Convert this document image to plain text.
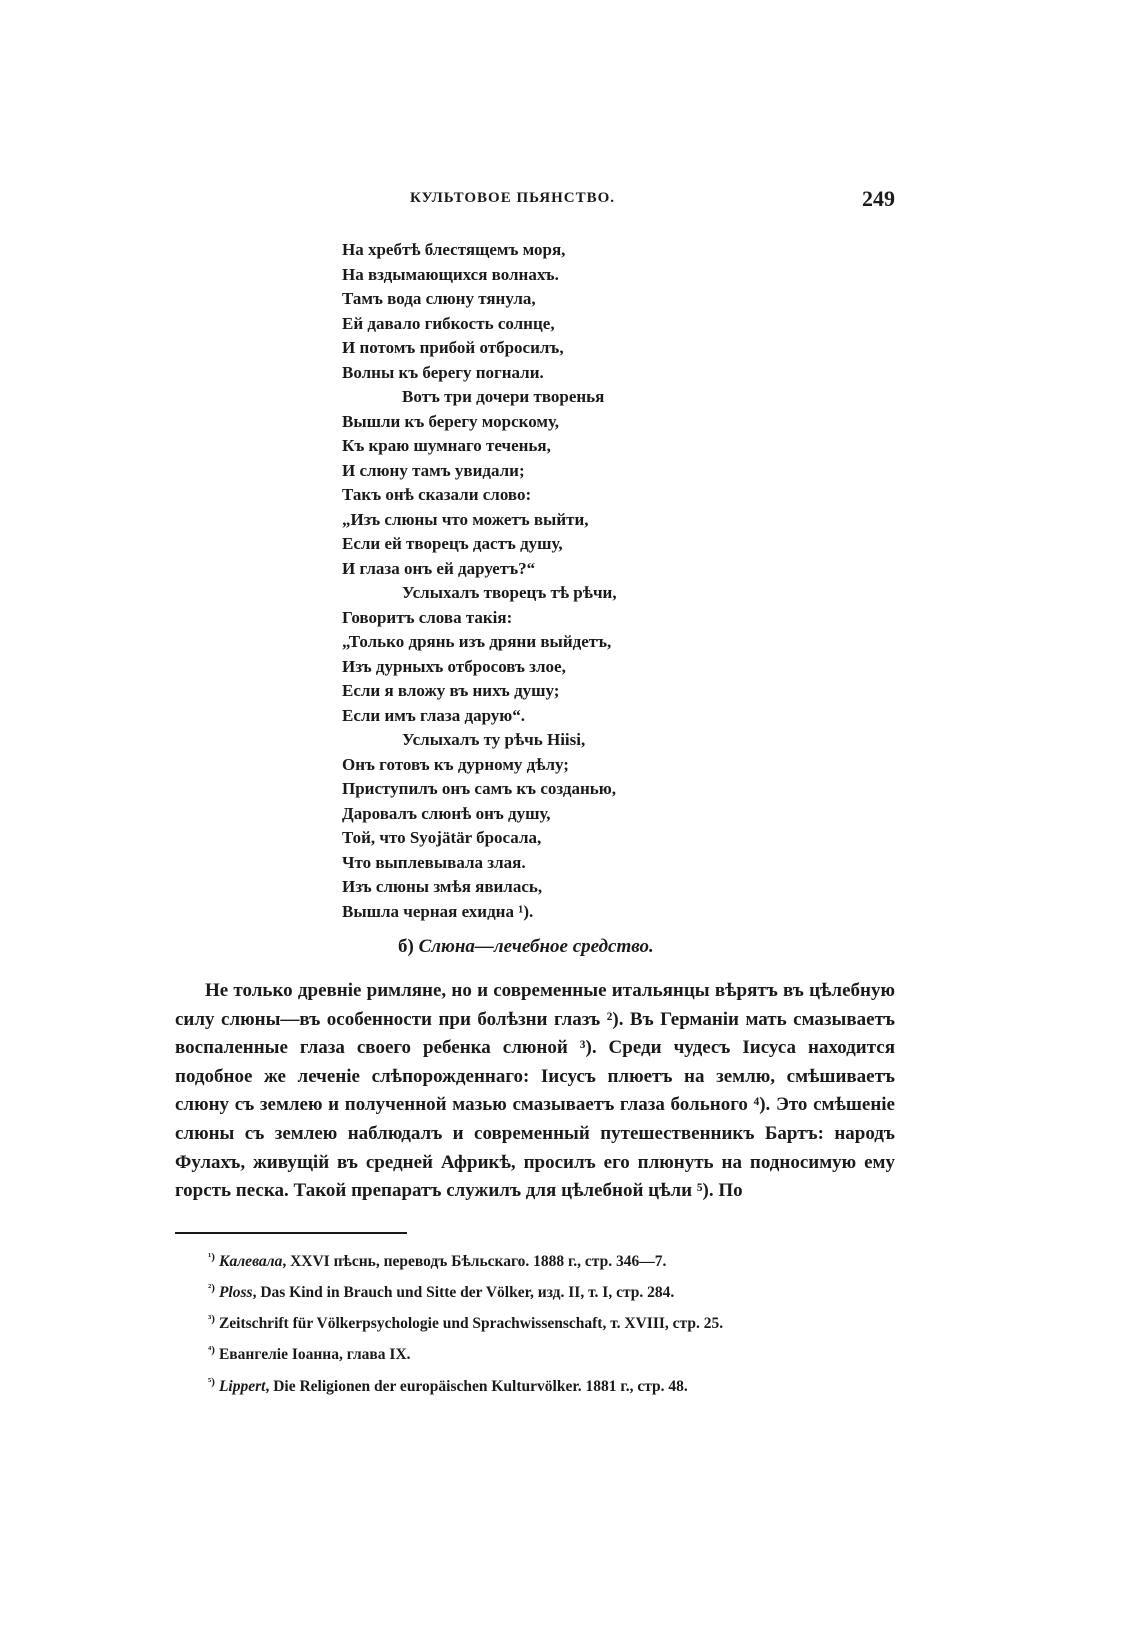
КУЛЬТОВОЕ ПЬЯНСТВО.	249
На хребтѣ блестящемъ моря,
На вздымающихся волнахъ.
Тамъ вода слюну тянула,
Ей давало гибкость солнце,
И потомъ прибой отбросилъ,
Волны къ берегу погнали.
Вотъ три дочери творенья
Вышли къ берегу морскому,
Къ краю шумнаго теченья,
И слюну тамъ увидали;
Такъ онѣ сказали слово:
„Изъ слюны что можетъ выйти,
Если ей творецъ дастъ душу,
И глаза онъ ей даруетъ?“
Услыхалъ творецъ тѣ рѣчи,
Говоритъ слова такія:
„Только дрянь изъ дряни выйдетъ,
Изъ дурныхъ отбросовъ злое,
Если я вложу въ нихъ душу;
Если имъ глаза дарую“.
Услыхалъ ту рѣчь Hiisi,
Онъ готовъ къ дурному дѣлу;
Приступилъ онъ самъ къ созданью,
Даровалъ слюнѣ онъ душу,
Той, что Syojätär бросала,
Что выплевывала злая.
Изъ слюны змѣя явилась,
Вышла черная ехидна ¹).
б) Слюна—лечебное средство.
Не только древніе римляне, но и современные итальянцы вѣрятъ въ цѣлебную силу слюны—въ особенности при болѣзни глазъ ²). Въ Германіи мать смазываетъ воспаленные глаза своего ребенка слюной ³). Среди чудесъ Іисуса находится подобное же леченіе слѣпорожденнаго: Іисусъ плюетъ на землю, смѣшиваетъ слюну съ землею и полученной мазью смазываетъ глаза больного ⁴). Это смѣшеніе слюны съ землею наблюдалъ и современный путешественникъ Бартъ: народъ Фулахъ, живущій въ средней Африкѣ, просилъ его плюнуть на подносимую ему горсть песка. Такой препаратъ служилъ для цѣлебной цѣли ⁵). По
$^{^1)}$ Калевала, XXVI пѣснь, переводъ Бѣльскаго. 1888 г., стр. 346—7.
$^{^2)}$ Ploss, Das Kind in Brauch und Sitte der Völker, изд. II, т. I, стр. 284.
$^{^3)}$ Zeitschrift für Völkerpsychologie und Sprachwissenschaft, т. XVIII, стр. 25.
$^{^4)}$ Евангеліе Іоанна, глава IX.
$^{^5)}$ Lippert, Die Religionen der europäischen Kulturvölker. 1881 г., стр. 48.
